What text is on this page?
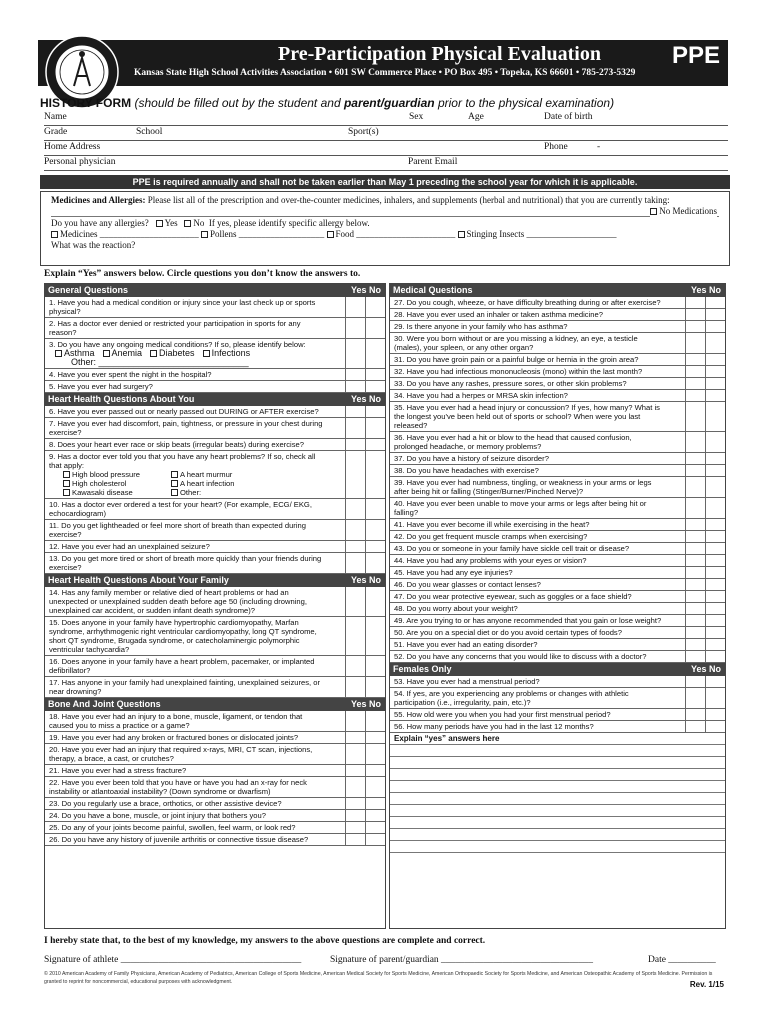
Pre-Participation Physical Evaluation
Kansas State High School Activities Association • 601 SW Commerce Place • PO Box 495 • Topeka, KS 66601 • 785-273-5329
PPE
HISTORY FORM (should be filled out by the student and parent/guardian prior to the physical examination)
Name	Sex	Age	Date of birth
Grade	School	Sport(s)
Home Address	Phone	-
Personal physician	Parent Email
PPE is required annually and shall not be taken earlier than May 1 preceding the school year for which it is applicable.
Medicines and Allergies: Please list all of the prescription and over-the-counter medicines, inhalers, and supplements (herbal and nutritional) that you are currently taking:
No Medications
Do you have any allergies? Yes No If yes, please identify specific allergy below.
Medicines ______________________ Pollens ___________________ Food ______________________ Stinging Insects ____________________
What was the reaction?
Explain “Yes” answers below. Circle questions you don’t know the answers to.
General Questions	Yes No
1. Have you had a medical condition or injury since your last check up or sports physical?
2. Has a doctor ever denied or restricted your participation in sports for any reason?
3. Do you have any ongoing medical conditions? If so, please identify below:
Asthma Anemia Diabetes Infections
Other: ______________________________
4. Have you ever spent the night in the hospital?
5. Have you ever had surgery?
Heart Health Questions About You	Yes No
6. Have you ever passed out or nearly passed out DURING or AFTER exercise?
7. Have you ever had discomfort, pain, tightness, or pressure in your chest during exercise?
8. Does your heart ever race or skip beats (irregular beats) during exercise?
9. Has a doctor ever told you that you have any heart problems? If so, check all that apply:
High blood pressure	A heart murmur
High cholesterol	A heart infection
Kawasaki disease	Other:
10. Has a doctor ever ordered a test for your heart? (For example, ECG/ EKG, echocardiogram)
11. Do you get lightheaded or feel more short of breath than expected during exercise?
12. Have you ever had an unexplained seizure?
13. Do you get more tired or short of breath more quickly than your friends during exercise?
Heart Health Questions About Your Family	Yes No
14. Has any family member or relative died of heart problems or had an unexpected or unexplained sudden death before age 50 (including drowning, unexplained car accident, or sudden infant death syndrome)?
15. Does anyone in your family have hypertrophic cardiomyopathy, Marfan syndrome, arrhythmogenic right ventricular cardiomyopathy, long QT syndrome, short QT syndrome, Brugada syndrome, or catecholaminergic polymorphic ventricular tachycardia?
16. Does anyone in your family have a heart problem, pacemaker, or implanted defibrillator?
17. Has anyone in your family had unexplained fainting, unexplained seizures, or near drowning?
Bone And Joint Questions	Yes No
18. Have you ever had an injury to a bone, muscle, ligament, or tendon that caused you to miss a practice or a game?
19. Have you ever had any broken or fractured bones or dislocated joints?
20. Have you ever had an injury that required x-rays, MRI, CT scan, injections, therapy, a brace, a cast, or crutches?
21. Have you ever had a stress fracture?
22. Have you ever been told that you have or have you had an x-ray for neck instability or atlantoaxial instability? (Down syndrome or dwarfism)
23. Do you regularly use a brace, orthotics, or other assistive device?
24. Do you have a bone, muscle, or joint injury that bothers you?
25. Do any of your joints become painful, swollen, feel warm, or look red?
26. Do you have any history of juvenile arthritis or connective tissue disease?
Medical Questions	Yes No
27. Do you cough, wheeze, or have difficulty breathing during or after exercise?
28. Have you ever used an inhaler or taken asthma medicine?
29. Is there anyone in your family who has asthma?
30. Were you born without or are you missing a kidney, an eye, a testicle (males), your spleen, or any other organ?
31. Do you have groin pain or a painful bulge or hernia in the groin area?
32. Have you had infectious mononucleosis (mono) within the last month?
33. Do you have any rashes, pressure sores, or other skin problems?
34. Have you had a herpes or MRSA skin infection?
35. Have you ever had a head injury or concussion? If yes, how many? What is the longest you've been held out of sports or school? When were you last released?
36. Have you ever had a hit or blow to the head that caused confusion, prolonged headache, or memory problems?
37. Do you have a history of seizure disorder?
38. Do you have headaches with exercise?
39. Have you ever had numbness, tingling, or weakness in your arms or legs after being hit or falling (Stinger/Burner/Pinched Nerve)?
40. Have you ever been unable to move your arms or legs after being hit or falling?
41. Have you ever become ill while exercising in the heat?
42. Do you get frequent muscle cramps when exercising?
43. Do you or someone in your family have sickle cell trait or disease?
44. Have you had any problems with your eyes or vision?
45. Have you had any eye injuries?
46. Do you wear glasses or contact lenses?
47. Do you wear protective eyewear, such as goggles or a face shield?
48. Do you worry about your weight?
49. Are you trying to or has anyone recommended that you gain or lose weight?
50. Are you on a special diet or do you avoid certain types of foods?
51. Have you ever had an eating disorder?
52. Do you have any concerns that you would like to discuss with a doctor?
Females Only	Yes No
53. Have you ever had a menstrual period?
54. If yes, are you experiencing any problems or changes with athletic participation (i.e., irregularity, pain, etc.)?
55. How old were you when you had your first menstrual period?
56. How many periods have you had in the last 12 months?
Explain “yes” answers here
I hereby state that, to the best of my knowledge, my answers to the above questions are complete and correct.
Signature of athlete ______________________________________	Signature of parent/guardian ________________________________	Date __________
© 2010 American Academy of Family Physicians, American Academy of Pediatrics, American College of Sports Medicine, American Medical Society for Sports Medicine, American Orthopaedic Society for Sports Medicine, and American Osteopathic Academy of Sports Medicine. Permission is granted to reprint for noncommercial, educational purposes with acknowledgment.	Rev. 1/15
